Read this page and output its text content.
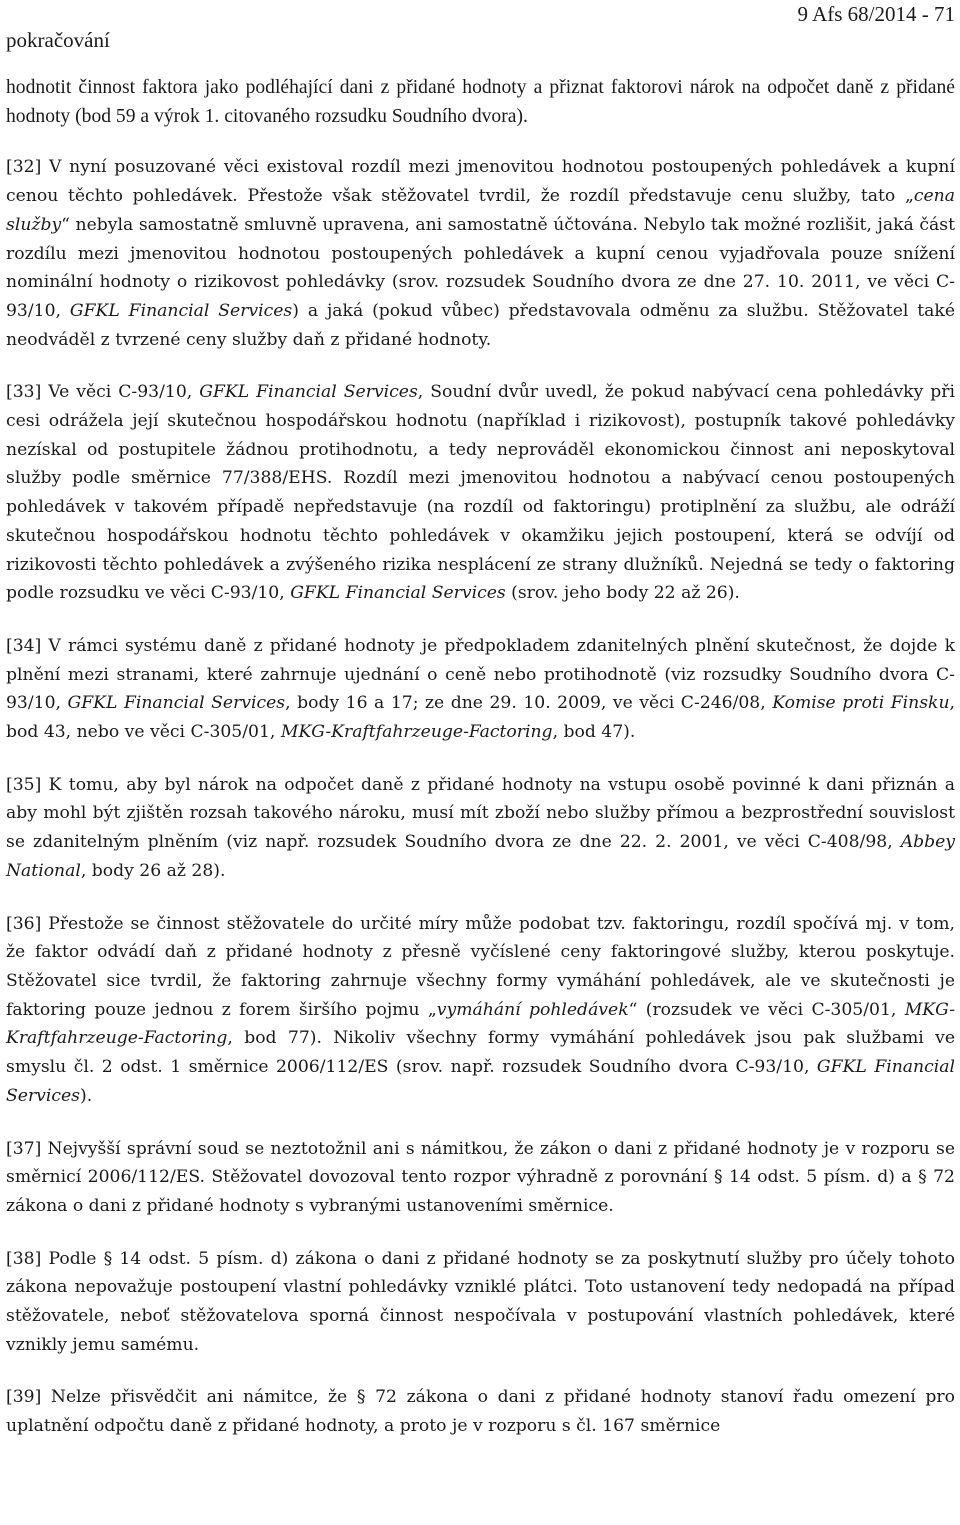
pokračování
9 Afs 68/2014 - 71

hodnotit činnost faktora jako podléhající dani z přidané hodnoty a přiznat faktorovi nárok na odpočet daně z přidané hodnoty (bod 59 a výrok 1. citovaného rozsudku Soudního dvora).

[32] V nyní posuzované věci existoval rozdíl mezi jmenovitou hodnotou postoupených pohledávek a kupní cenou těchto pohledávek. Přestože však stěžovatel tvrdil, že rozdíl představuje cenu služby, tato „cena služby“ nebyla samostatně smluvně upravena, ani samostatně účtována. Nebylo tak možné rozlišit, jaká část rozdílu mezi jmenovitou hodnotou postoupených pohledávek a kupní cenou vyjadřovala pouze snížení nominální hodnoty o rizikovost pohledávky (srov. rozsudek Soudního dvora ze dne 27. 10. 2011, ve věci C-93/10, GFKL Financial Services) a jaká (pokud vůbec) představovala odměnu za službu. Stěžovatel také neodváděl z tvrzené ceny služby daň z přidané hodnoty.

[33] Ve věci C-93/10, GFKL Financial Services, Soudní dvůr uvedl, že pokud nabývací cena pohledávky při cesi odrážela její skutečnou hospodářskou hodnotu (například i rizikovost), postupník takové pohledávky nezískal od postupitele žádnou protihodnotu, a tedy neprováděl ekonomickou činnost ani neposkytoval služby podle směrnice 77/388/EHS. Rozdíl mezi jmenovitou hodnotou a nabývací cenou postoupených pohledávek v takovém případě nepředstavuje (na rozdíl od faktoringu) protiplnění za službu, ale odráží skutečnou hospodářskou hodnotu těchto pohledávek v okamžiku jejich postoupení, která se odvíjí od rizikovosti těchto pohledávek a zvýšeného rizika nesplácení ze strany dlužníků. Nejedná se tedy o faktoring podle rozsudku ve věci C-93/10, GFKL Financial Services (srov. jeho body 22 až 26).

[34] V rámci systému daně z přidané hodnoty je předpokladem zdanitelných plnění skutečnost, že dojde k plnění mezi stranami, které zahrnuje ujednání o ceně nebo protihodnotě (viz rozsudky Soudního dvora C-93/10, GFKL Financial Services, body 16 a 17; ze dne 29. 10. 2009, ve věci C-246/08, Komise proti Finsku, bod 43, nebo ve věci C-305/01, MKG-Kraftfahrzeuge-Factoring, bod 47).

[35] K tomu, aby byl nárok na odpočet daně z přidané hodnoty na vstupu osobě povinné k dani přiznán a aby mohl být zjištěn rozsah takového nároku, musí mít zboží nebo služby přímou a bezprostřední souvislost se zdanitelným plněním (viz např. rozsudek Soudního dvora ze dne 22. 2. 2001, ve věci C-408/98, Abbey National, body 26 až 28).

[36] Přestože se činnost stěžovatele do určité míry může podobat tzv. faktoringu, rozdíl spočívá mj. v tom, že faktor odvádí daň z přidané hodnoty z přesně vyčíslené ceny faktoringové služby, kterou poskytuje. Stěžovatel sice tvrdil, že faktoring zahrnuje všechny formy vymáhání pohledávek, ale ve skutečnosti je faktoring pouze jednou z forem širšího pojmu „vymáhání pohledávek“ (rozsudek ve věci C-305/01, MKG-Kraftfahrzeuge-Factoring, bod 77). Nikoliv všechny formy vymáhání pohledávek jsou pak službami ve smyslu čl. 2 odst. 1 směrnice 2006/112/ES (srov. např. rozsudek Soudního dvora C-93/10, GFKL Financial Services).

[37] Nejvyšší správní soud se neztotožnil ani s námitkou, že zákon o dani z přidané hodnoty je v rozporu se směrnicí 2006/112/ES. Stěžovatel dovozoval tento rozpor výhradně z porovnání § 14 odst. 5 písm. d) a § 72 zákona o dani z přidané hodnoty s vybranými ustanoveními směrnice.

[38] Podle § 14 odst. 5 písm. d) zákona o dani z přidané hodnoty se za poskytnutí služby pro účely tohoto zákona nepovažuje postoupení vlastní pohledávky vzniklé plátci. Toto ustanovení tedy nedopadá na případ stěžovatele, neboť stěžovatelova sporná činnost nespočívala v postupování vlastních pohledávek, které vznikly jemu samému.

[39] Nelze přisvědčit ani námitce, že § 72 zákona o dani z přidané hodnoty stanoví řadu omezení pro uplatnění odpočtu daně z přidané hodnoty, a proto je v rozporu s čl. 167 směrnice
